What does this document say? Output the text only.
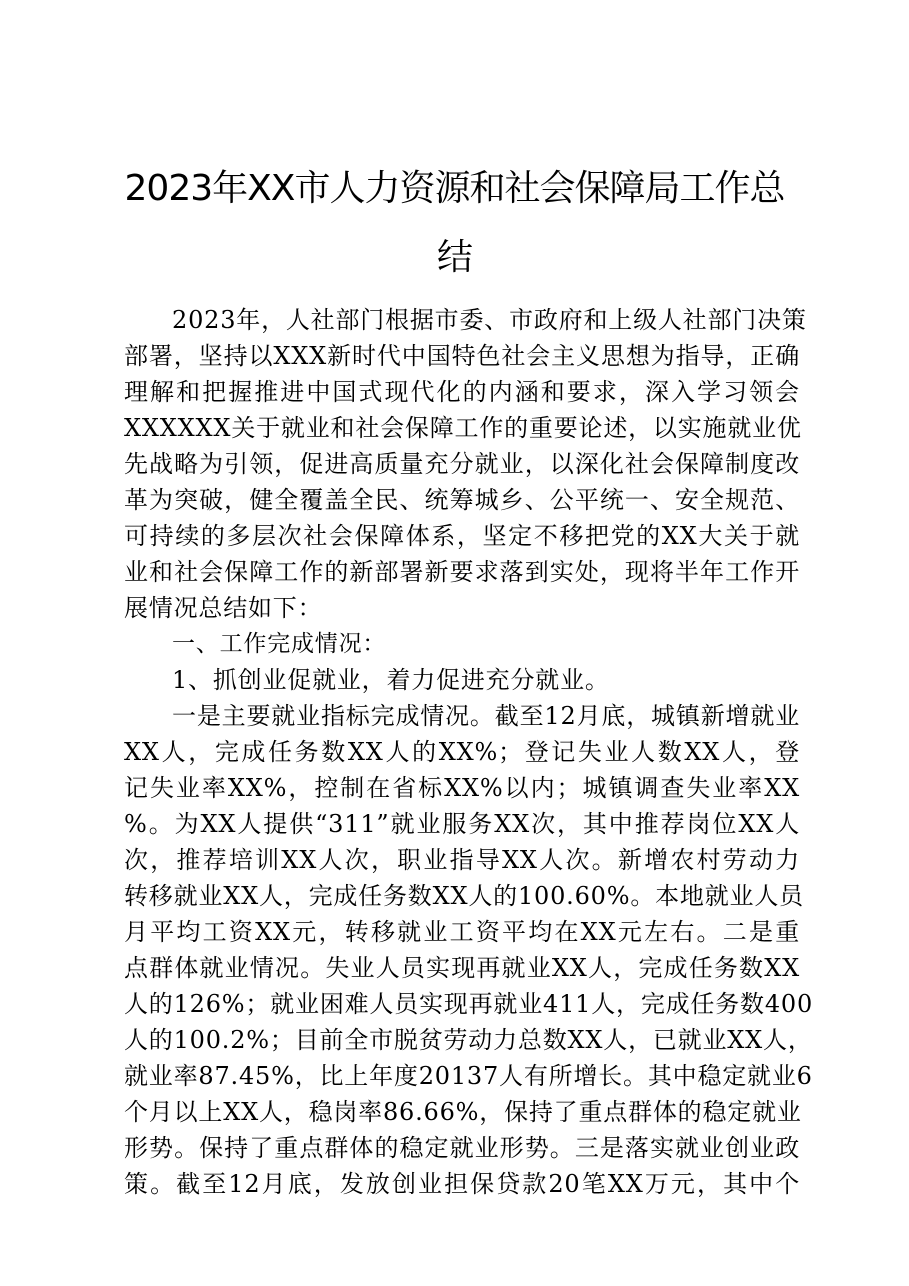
2023年XX市人力资源和社会保障局工作总
结
2023年，人社部门根据市委、市政府和上级人社部门决策
部署，坚持以XXX新时代中国特色社会主义思想为指导，正确
理解和把握推进中国式现代化的内涵和要求，深入学习领会
XXXXXX关于就业和社会保障工作的重要论述，以实施就业优
先战略为引领，促进高质量充分就业，以深化社会保障制度改
革为突破，健全覆盖全民、统筹城乡、公平统一、安全规范、
可持续的多层次社会保障体系，坚定不移把党的XX大关于就
业和社会保障工作的新部署新要求落到实处，现将半年工作开
展情况总结如下：
一、工作完成情况：
1、抓创业促就业，着力促进充分就业。
一是主要就业指标完成情况。截至12月底，城镇新增就业
XX人，完成任务数XX人的XX%；登记失业人数XX人，登
记失业率XX%，控制在省标XX%以内；城镇调查失业率XX
%。为XX人提供“311”就业服务XX次，其中推荐岗位XX人
次，推荐培训XX人次，职业指导XX人次。新增农村劳动力
转移就业XX人，完成任务数XX人的100.60%。本地就业人员
月平均工资XX元，转移就业工资平均在XX元左右。二是重
点群体就业情况。失业人员实现再就业XX人，完成任务数XX
人的126%；就业困难人员实现再就业411人，完成任务数400
人的100.2%；目前全市脱贫劳动力总数XX人，已就业XX人，
就业率87.45%，比上年度20137人有所增长。其中稳定就业6
个月以上XX人，稳岗率86.66%，保持了重点群体的稳定就业
形势。保持了重点群体的稳定就业形势。三是落实就业创业政
策。截至12月底，发放创业担保贷款20笔XX万元，其中个
